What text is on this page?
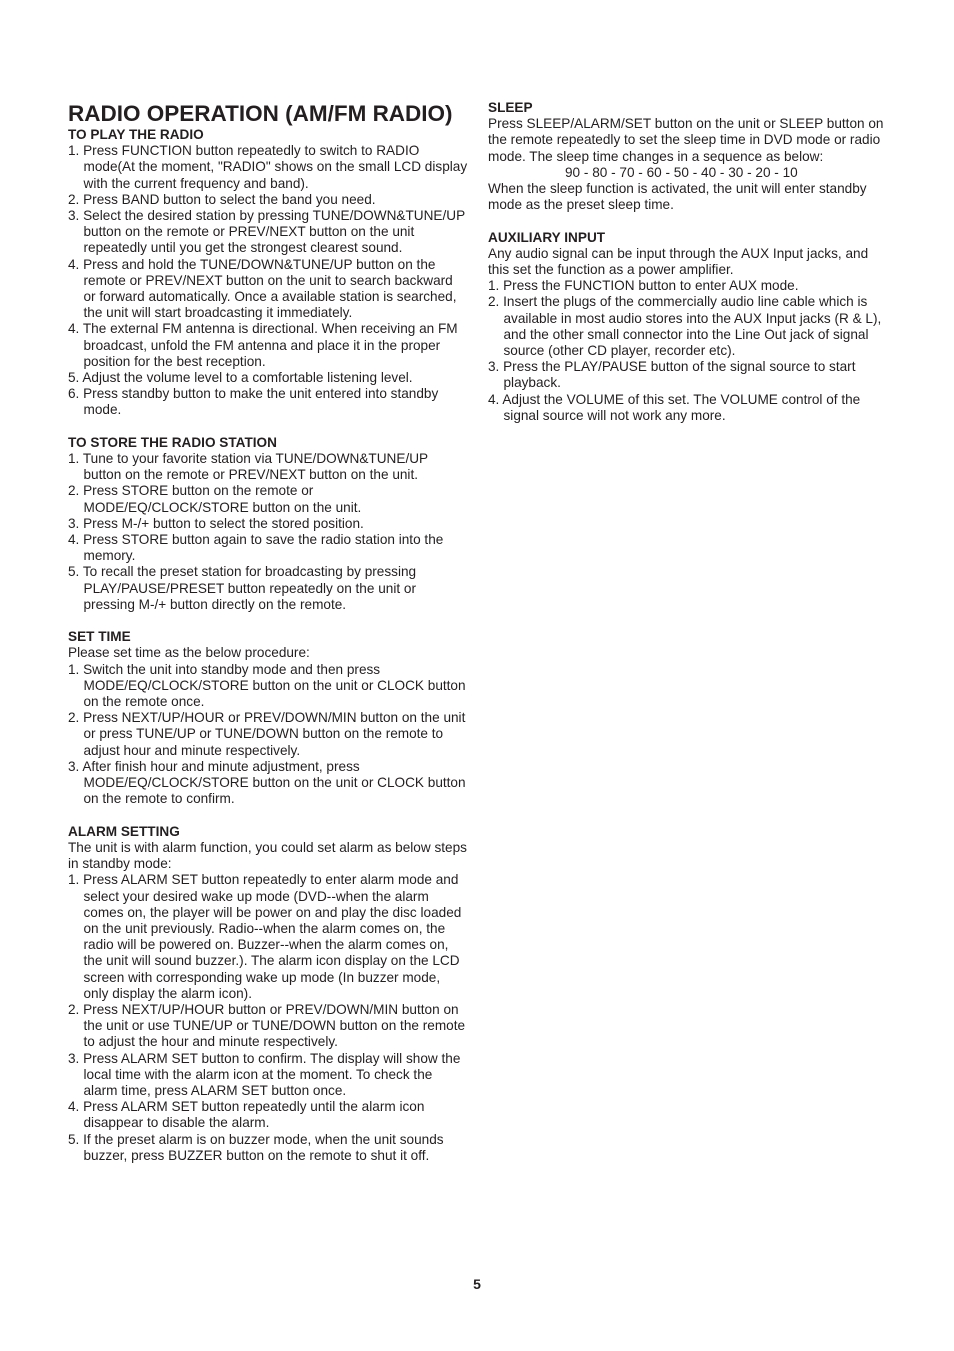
RADIO OPERATION (AM/FM RADIO)
TO PLAY THE RADIO
1. Press FUNCTION button repeatedly to switch to RADIO mode(At the moment, "RADIO" shows on the small LCD display with the current frequency and band).
2. Press BAND button to select the band you need.
3. Select the desired station by pressing TUNE/DOWN&TUNE/UP button on the remote or PREV/NEXT button on the unit repeatedly until you get the strongest clearest sound.
4. Press and hold the TUNE/DOWN&TUNE/UP button on the remote or PREV/NEXT button on the unit to search backward or forward automatically. Once a available station is searched, the unit will start broadcasting it immediately.
4. The external FM antenna is directional. When receiving an FM broadcast, unfold the FM antenna and place it in the proper position for the best reception.
5. Adjust the volume level to a comfortable listening level.
6. Press standby button to make the unit entered into standby mode.
TO STORE THE RADIO STATION
1. Tune to your favorite station via TUNE/DOWN&TUNE/UP button on the remote or PREV/NEXT button on the unit.
2. Press STORE button on the remote or MODE/EQ/CLOCK/STORE button on the unit.
3. Press M-/+ button to select the stored position.
4. Press STORE button again to save the radio station into the memory.
5. To recall the preset station for broadcasting by pressing PLAY/PAUSE/PRESET button repeatedly on the unit or pressing M-/+ button directly on the remote.
SET TIME

Please set time as the below procedure:

1. Switch the unit into standby mode and then press MODE/EQ/CLOCK/STORE button on the unit or CLOCK button on the remote once.
2. Press NEXT/UP/HOUR or PREV/DOWN/MIN button on the unit or press TUNE/UP or TUNE/DOWN button on the remote to adjust hour and minute respectively.
3. After finish hour and minute adjustment, press MODE/EQ/CLOCK/STORE button on the unit or CLOCK button on the remote to confirm.
ALARM SETTING

The unit is with alarm function, you could set alarm as below steps in standby mode:

1. Press ALARM SET button repeatedly to enter alarm mode and select your desired wake up mode (DVD--when the alarm comes on, the player will be power on and play the disc loaded on the unit previously. Radio--when the alarm comes on, the radio will be powered on. Buzzer--when the alarm comes on, the unit will sound buzzer.). The alarm icon display on the LCD screen with corresponding wake up mode (In buzzer mode, only display the alarm icon).
2. Press NEXT/UP/HOUR button or PREV/DOWN/MIN button on the unit or use TUNE/UP or TUNE/DOWN button on the remote to adjust the hour and minute respectively.
3. Press ALARM SET button to confirm. The display will show the local time with the alarm icon at the moment. To check the alarm time, press ALARM SET button once.
4. Press ALARM SET button repeatedly until the alarm icon disappear to disable the alarm.
5. If the preset alarm is on buzzer mode, when the unit sounds buzzer, press BUZZER button on the remote to shut it off.
SLEEP

Press SLEEP/ALARM/SET button on the unit or SLEEP button on the remote repeatedly to set the sleep time in DVD mode or radio mode. The sleep time changes in a sequence as below:

90 - 80 - 70 - 60 - 50 - 40 - 30 - 20 - 10

When the sleep function is activated, the unit will enter standby mode as the preset sleep time.

AUXILIARY INPUT

Any audio signal can be input through the AUX Input jacks, and this set the function as a power amplifier.

1. Press the FUNCTION button to enter AUX mode.
2. Insert the plugs of the commercially audio line cable which is available in most audio stores into the AUX Input jacks (R & L), and the other small connector into the Line Out jack of signal source (other CD player, recorder etc).
3. Press the PLAY/PAUSE button of the signal source to start playback.
4. Adjust the VOLUME of this set. The VOLUME control of the signal source will not work any more.
5
